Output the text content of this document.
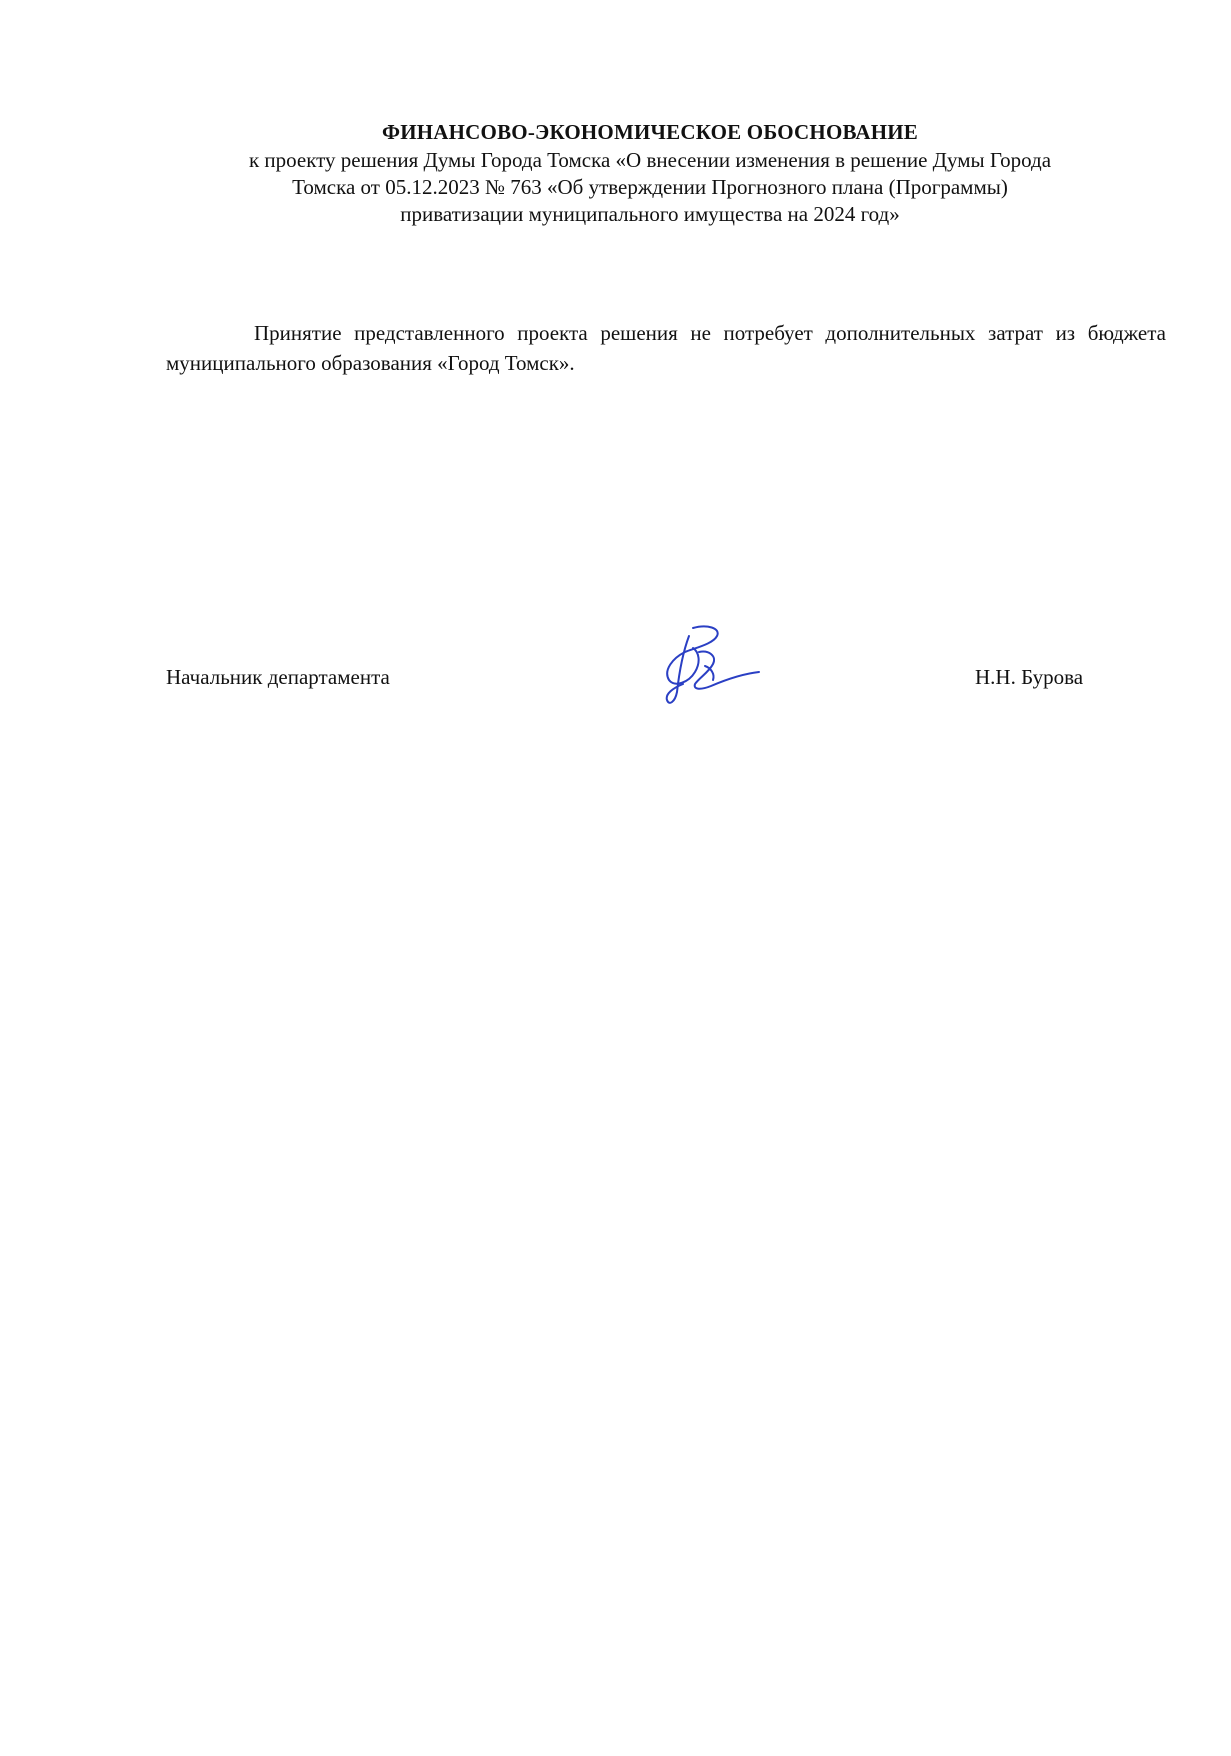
ФИНАНСОВО-ЭКОНОМИЧЕСКОЕ ОБОСНОВАНИЕ

к проекту решения Думы Города Томска «О внесении изменения в решение Думы Города

Томска от 05.12.2023 № 763 «Об утверждении Прогнозного плана (Программы)

приватизации муниципального имущества на 2024 год»

Принятие представленного проекта решения не потребует дополнительных затрат из бюджета муниципального образования «Город Томск».

Начальник департамента	Н.Н. Бурова
